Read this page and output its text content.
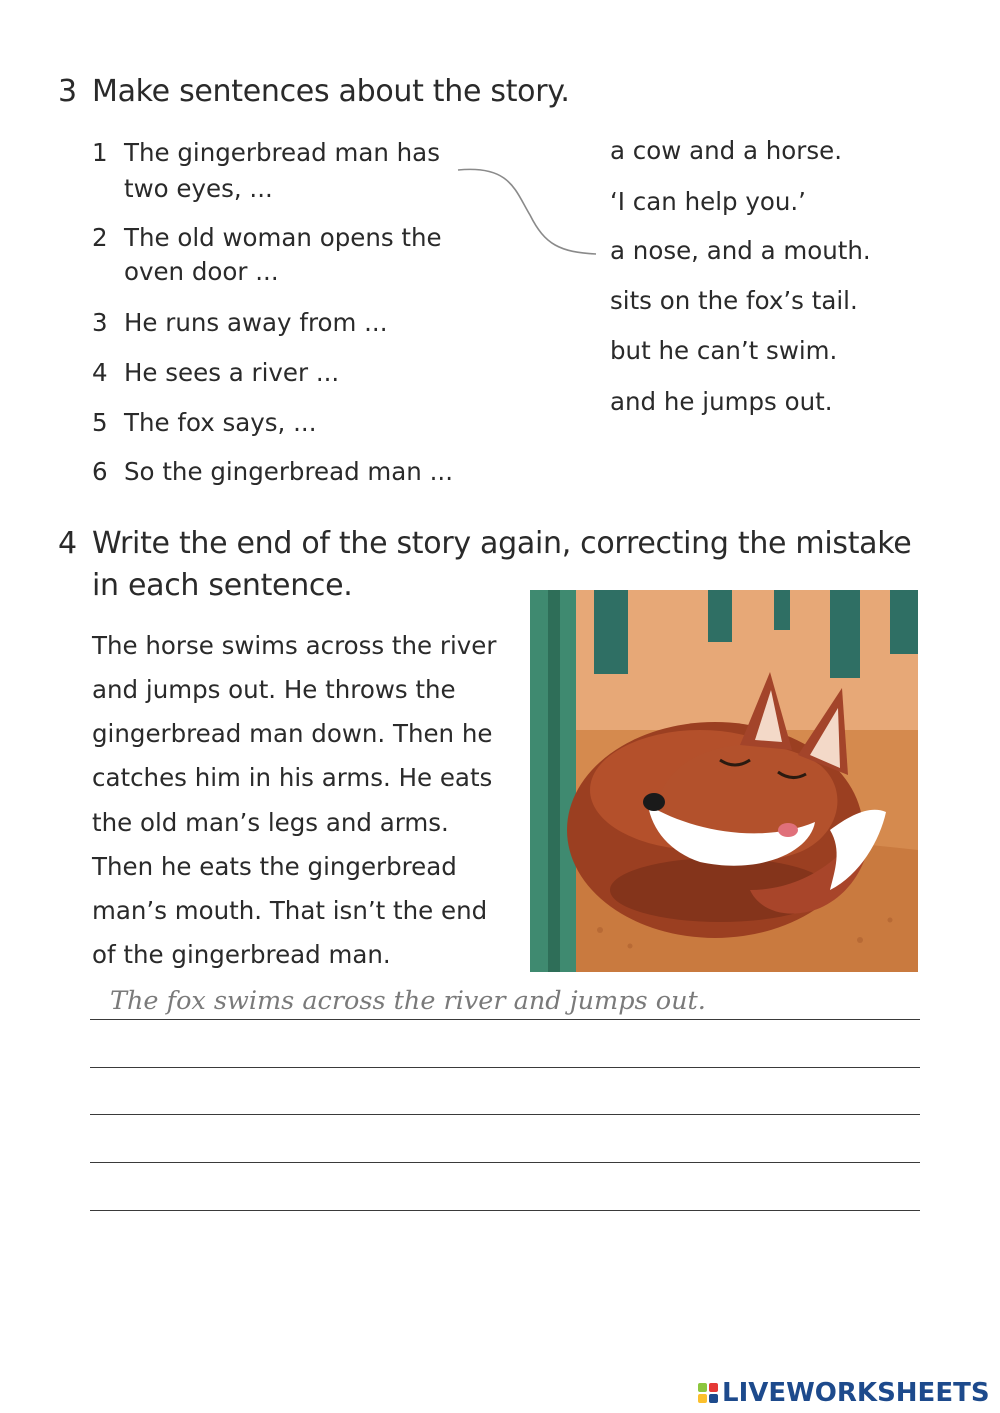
3 Make sentences about the story.
1 The gingerbread man has
two eyes, ...
2 The old woman opens the
oven door ...
3 He runs away from ...
4 He sees a river ...
5 The fox says, ...
6 So the gingerbread man ...
a cow and a horse.
‘I can help you.’
a nose, and a mouth.
sits on the fox’s tail.
but he can’t swim.
and he jumps out.
4 Write the end of the story again, correcting the mistake
in each sentence.
The horse swims across the river
and jumps out. He throws the
gingerbread man down. Then he
catches him in his arms. He eats
the old man’s legs and arms.
Then he eats the gingerbread
man’s mouth. That isn’t the end
of the gingerbread man.
The fox swims across the river and jumps out.
LIVEWORKSHEETS
